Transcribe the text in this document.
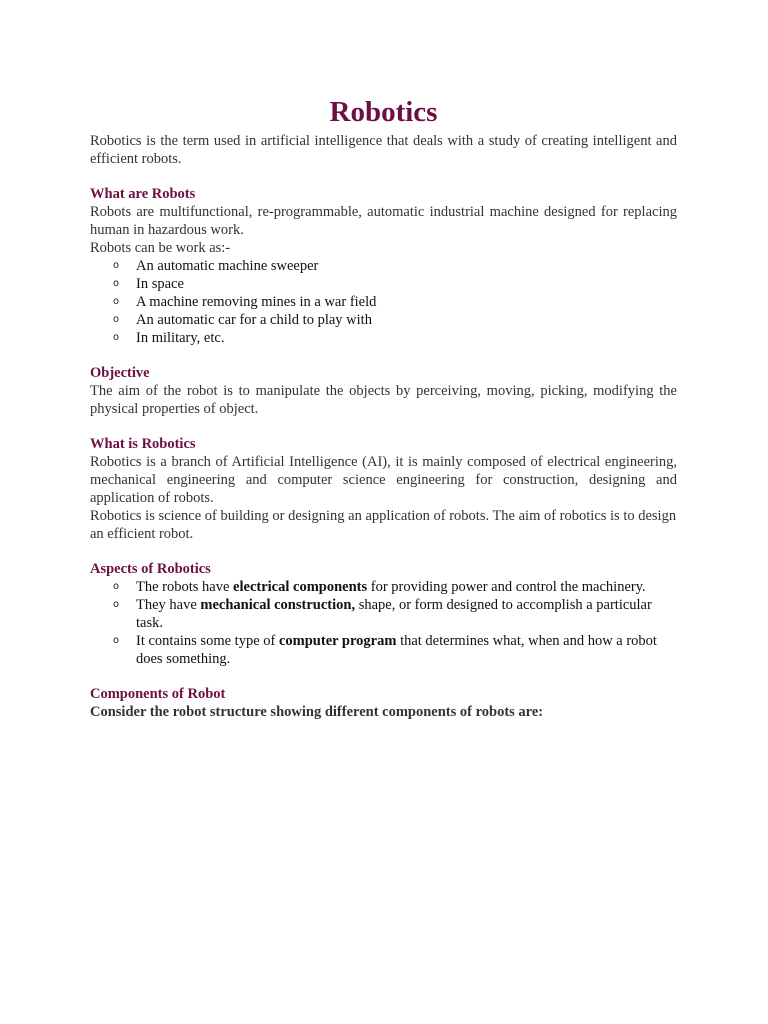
Robotics

Robotics is the term used in artificial intelligence that deals with a study of creating intelligent and efficient robots.

What are Robots

Robots are multifunctional, re-programmable, automatic industrial machine designed for replacing human in hazardous work.

Robots can be work as:-

o An automatic machine sweeper
o In space
o A machine removing mines in a war field
o An automatic car for a child to play with
o In military, etc.
Objective

The aim of the robot is to manipulate the objects by perceiving, moving, picking, modifying the physical properties of object.

What is Robotics

Robotics is a branch of Artificial Intelligence (AI), it is mainly composed of electrical engineering, mechanical engineering and computer science engineering for construction, designing and application of robots.

Robotics is science of building or designing an application of robots. The aim of robotics is to design an efficient robot.

Aspects of Robotics
o The robots have electrical components for providing power and control the machinery.
o They have mechanical construction, shape, or form designed to accomplish a particular task.
o It contains some type of computer program that determines what, when and how a robot does something.
Components of Robot

Consider the robot structure showing different components of robots are:
